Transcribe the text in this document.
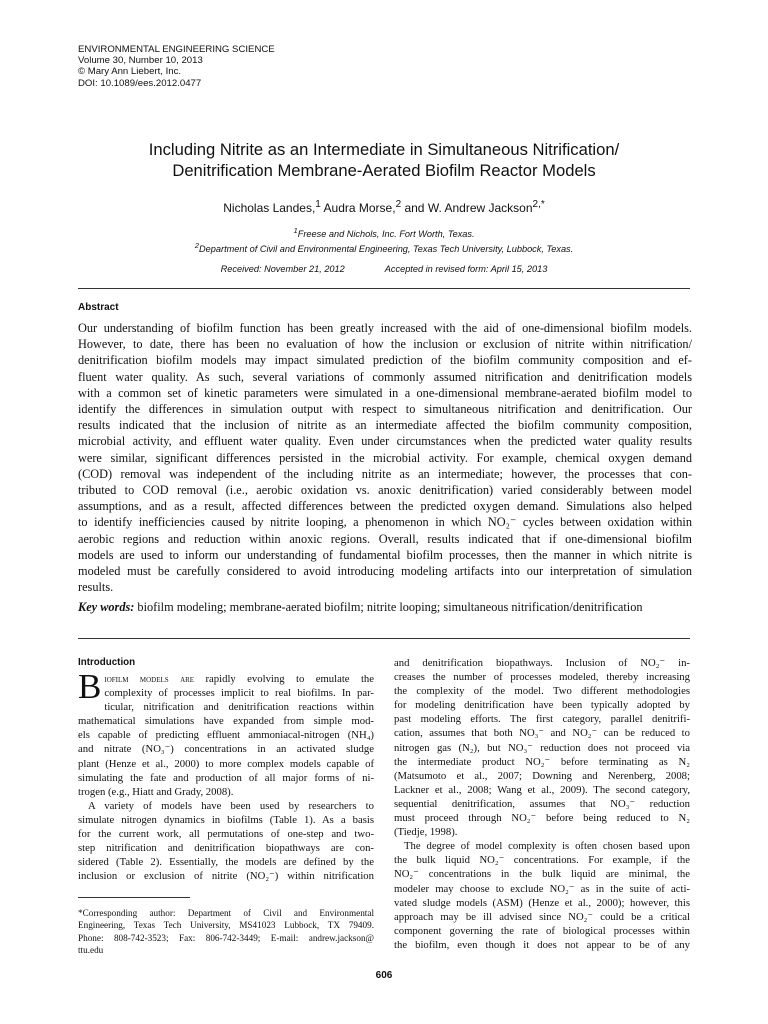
ENVIRONMENTAL ENGINEERING SCIENCE
Volume 30, Number 10, 2013
© Mary Ann Liebert, Inc.
DOI: 10.1089/ees.2012.0477
Including Nitrite as an Intermediate in Simultaneous Nitrification/
Denitrification Membrane-Aerated Biofilm Reactor Models
Nicholas Landes,$^1$ Audra Morse,$^2$ and W. Andrew Jackson$^{2,*}$
$^1$Freese and Nichols, Inc. Fort Worth, Texas.
$^2$Department of Civil and Environmental Engineering, Texas Tech University, Lubbock, Texas.
Received: November 21, 2012	Accepted in revised form: April 15, 2013
Abstract
Our understanding of biofilm function has been greatly increased with the aid of one-dimensional biofilm models.
However, to date, there has been no evaluation of how the inclusion or exclusion of nitrite within nitrification/
denitrification biofilm models may impact simulated prediction of the biofilm community composition and ef-
fluent water quality. As such, several variations of commonly assumed nitrification and denitrification models
with a common set of kinetic parameters were simulated in a one-dimensional membrane-aerated biofilm model to
identify the differences in simulation output with respect to simultaneous nitrification and denitrification. Our
results indicated that the inclusion of nitrite as an intermediate affected the biofilm community composition,
microbial activity, and effluent water quality. Even under circumstances when the predicted water quality results
were similar, significant differences persisted in the microbial activity. For example, chemical oxygen demand
(COD) removal was independent of the including nitrite as an intermediate; however, the processes that con-
tributed to COD removal (i.e., aerobic oxidation vs. anoxic denitrification) varied considerably between model
assumptions, and as a result, affected differences between the predicted oxygen demand. Simulations also helped
to identify inefficiencies caused by nitrite looping, a phenomenon in which NO₂⁻ cycles between oxidation within
aerobic regions and reduction within anoxic regions. Overall, results indicated that if one-dimensional biofilm
models are used to inform our understanding of fundamental biofilm processes, then the manner in which nitrite is
modeled must be carefully considered to avoid introducing modeling artifacts into our interpretation of simulation
results.
Key words: biofilm modeling; membrane-aerated biofilm; nitrite looping; simultaneous nitrification/denitrification
Introduction
B iofilm models are rapidly evolving to emulate the
complexity of processes implicit to real biofilms. In par-
ticular, nitrification and denitrification reactions within
mathematical simulations have expanded from simple mod-
els capable of predicting effluent ammoniacal-nitrogen (NH₄)
and nitrate (NO₃⁻) concentrations in an activated sludge
plant (Henze et al., 2000) to more complex models capable of
simulating the fate and production of all major forms of ni-
trogen (e.g., Hiatt and Grady, 2008).
A variety of models have been used by researchers to
simulate nitrogen dynamics in biofilms (Table 1). As a basis
for the current work, all permutations of one-step and two-
step nitrification and denitrification biopathways are con-
sidered (Table 2). Essentially, the models are defined by the
inclusion or exclusion of nitrite (NO₂⁻) within nitrification
and denitrification biopathways. Inclusion of NO₂⁻ in-
creases the number of processes modeled, thereby increasing
the complexity of the model. Two different methodologies
for modeling denitrification have been typically adopted by
past modeling efforts. The first category, parallel denitrifi-
cation, assumes that both NO₃⁻ and NO₂⁻ can be reduced to
nitrogen gas (N₂), but NO₃⁻ reduction does not proceed via
the intermediate product NO₂⁻ before terminating as N₂
(Matsumoto et al., 2007; Downing and Nerenberg, 2008;
Lackner et al., 2008; Wang et al., 2009). The second category,
sequential denitrification, assumes that NO₃⁻ reduction
must proceed through NO₂⁻ before being reduced to N₂
(Tiedje, 1998).
The degree of model complexity is often chosen based upon
the bulk liquid NO₂⁻ concentrations. For example, if the
NO₂⁻ concentrations in the bulk liquid are minimal, the
modeler may choose to exclude NO₂⁻ as in the suite of acti-
vated sludge models (ASM) (Henze et al., 2000); however, this
approach may be ill advised since NO₂⁻ could be a critical
component governing the rate of biological processes within
the biofilm, even though it does not appear to be of any
*Corresponding author: Department of Civil and Environmental
Engineering, Texas Tech University, MS41023 Lubbock, TX 79409.
Phone: 808-742-3523; Fax: 806-742-3449; E-mail: andrew.jackson@
ttu.edu
606
